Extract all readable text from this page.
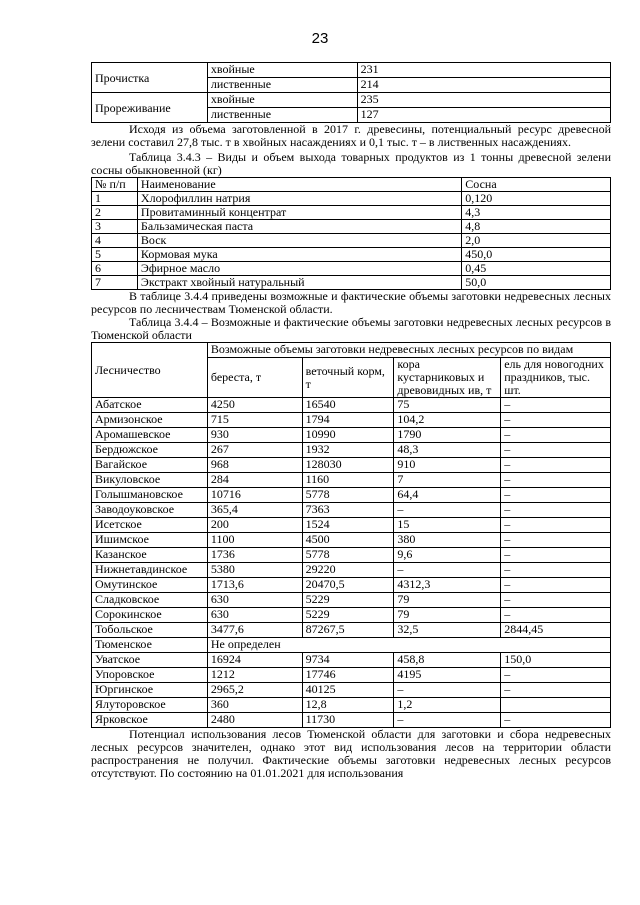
23
Прочистка	хвойные	231
	лиственные	214
Прореживание	хвойные	235
	лиственные	127

Исходя из объема заготовленной в 2017 г. древесины, потенциальный ресурс древесной зелени составил 27,8 тыс. т в хвойных насаждениях и 0,1 тыс. т – в лиственных насаждениях.

Таблица 3.4.3 – Виды и объем выхода товарных продуктов из 1 тонны древесной зелени сосны обыкновенной (кг)

№ п/п	Наименование	Сосна
1	Хлорофиллин натрия	0,120
2	Провитаминный концентрат	4,3
3	Бальзамическая паста	4,8
4	Воск	2,0
5	Кормовая мука	450,0
6	Эфирное масло	0,45
7	Экстракт хвойный натуральный	50,0

В таблице 3.4.4 приведены возможные и фактические объемы заготовки недревесных лесных ресурсов по лесничествам Тюменской области.

Таблица 3.4.4 – Возможные и фактические объемы заготовки недревесных лесных ресурсов в Тюменской области

Лесничество	Возможные объемы заготовки недревесных лесных ресурсов по видам			
	береста, т	веточный корм, т	кора кустарниковых и древовидных ив, т	ель для новогодних праздников, тыс. шт.
Абатское	4250	16540	75	–
Армизонское	715	1794	104,2	–
Аромашевское	930	10990	1790	–
Бердюжское	267	1932	48,3	–
Вагайское	968	128030	910	–
Викуловское	284	1160	7	–
Голышмановское	10716	5778	64,4	–
Заводоуковское	365,4	7363	–	–
Исетское	200	1524	15	–
Ишимское	1100	4500	380	–
Казанское	1736	5778	9,6	–
Нижнетавдинское	5380	29220	–	–
Омутинское	1713,6	20470,5	4312,3	–
Сладковское	630	5229	79	–
Сорокинское	630	5229	79	–
Тобольское	3477,6	87267,5	32,5	2844,45
Тюменское	Не определен			
Уватское	16924	9734	458,8	150,0
Упоровское	1212	17746	4195	–
Юргинское	2965,2	40125	–	–
Ялуторовское	360	12,8	1,2	
Ярковское	2480	11730	–	–

Потенциал использования лесов Тюменской области для заготовки и сбора недревесных лесных ресурсов значителен, однако этот вид использования лесов на территории области распространения не получил. Фактические объемы заготовки недревесных лесных ресурсов отсутствуют. По состоянию на 01.01.2021 для использования
